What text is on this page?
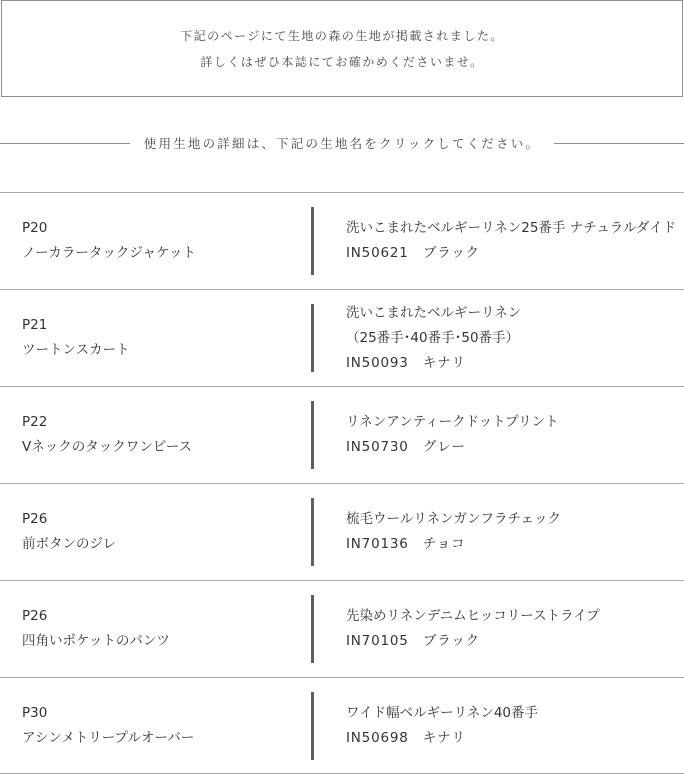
下記のページにて生地の森の生地が掲載されました。
詳しくはぜひ本誌にてお確かめくださいませ。
使用生地の詳細は、下記の生地名をクリックしてください。
P20
ノーカラータックジャケット
洗いこまれたベルギーリネン25番手 ナチュラルダイド
IN50621　ブラック
P21
ツートンスカート
洗いこまれたベルギーリネン
（25番手･40番手･50番手）
IN50093　キナリ
P22
Vネックのタックワンピース
リネンアンティークドットプリント
IN50730　グレー
P26
前ボタンのジレ
梳毛ウールリネンガンフラチェック
IN70136　チョコ
P26
四角いポケットのパンツ
先染めリネンデニムヒッコリーストライプ
IN70105　ブラック
P30
アシンメトリープルオーバー
ワイド幅ベルギーリネン40番手
IN50698　キナリ
